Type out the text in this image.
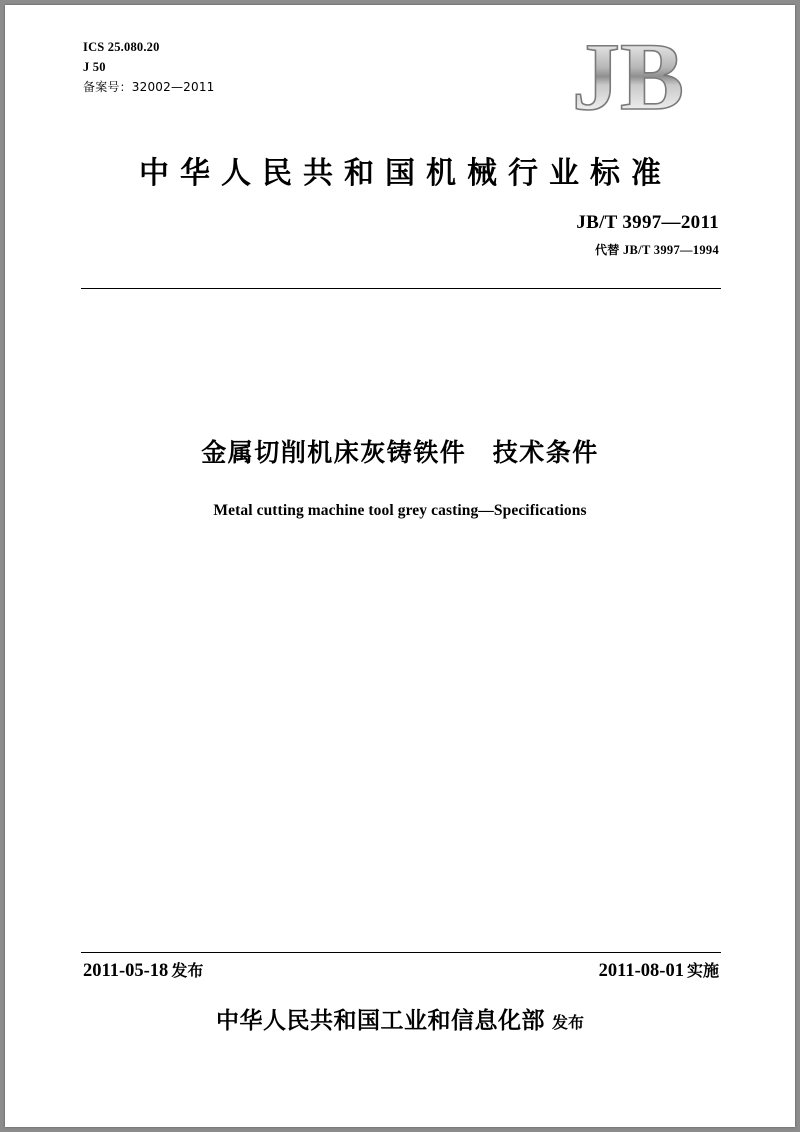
ICS 25.080.20
J 50
备案号：32002—2011	JB
中华人民共和国机械行业标准
JB/T 3997—2011
代替 JB/T 3997—1994
金属切削机床灰铸铁件　技术条件
Metal cutting machine tool grey casting—Specifications
2011-05-18 发布	2011-08-01 实施
中华人民共和国工业和信息化部 发布
